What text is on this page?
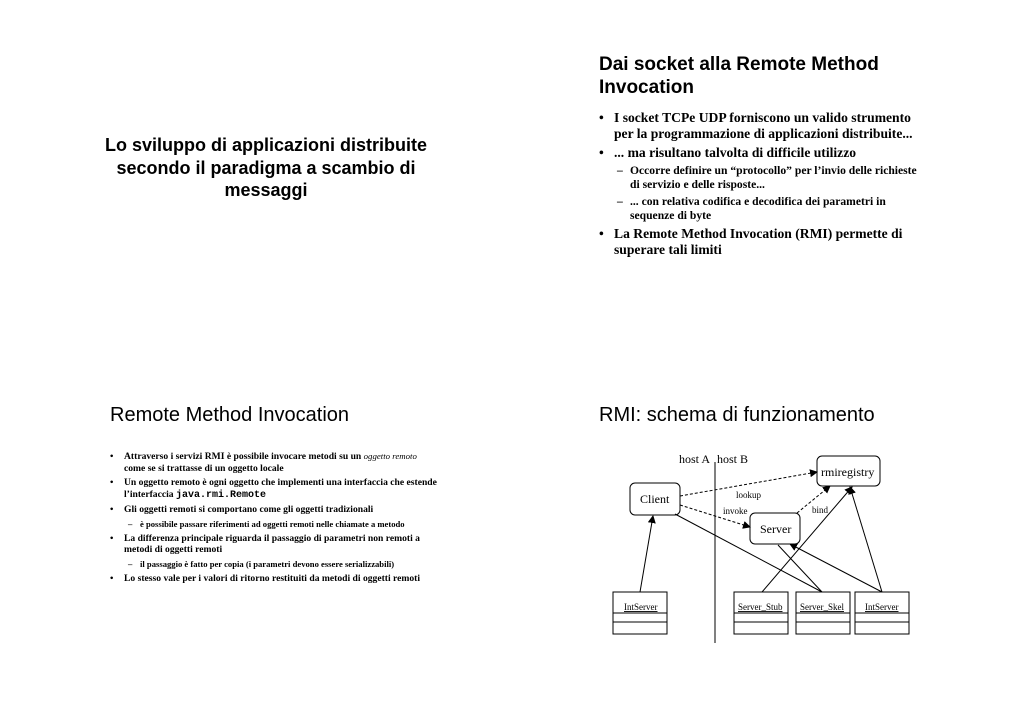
Lo sviluppo di applicazioni distribuite secondo il paradigma a scambio di messaggi
Dai socket alla Remote Method Invocation
• I socket TCPe UDP forniscono un valido strumento per la programmazione di applicazioni distribuite...
• ... ma risultano talvolta di difficile utilizzo
– Occorre definire un “protocollo” per l’invio delle richieste di servizio e delle risposte...
– ... con relativa codifica e decodifica dei parametri in sequenze di byte
• La Remote Method Invocation (RMI) permette di superare tali limiti
Remote Method Invocation
• Attraverso i servizi RMI è possibile invocare metodi su un oggetto remoto come se si trattasse di un oggetto locale
• Un oggetto remoto è ogni oggetto che implementi una interfaccia che estende l’interfaccia java.rmi.Remote
• Gli oggetti remoti si comportano come gli oggetti tradizionali
– è possibile passare riferimenti ad oggetti remoti nelle chiamate a metodo
• La differenza principale riguarda il passaggio di parametri non remoti a metodi di oggetti remoti
– il passaggio è fatto per copia (i parametri devono essere serializzabili)
• Lo stesso vale per i valori di ritorno restituiti da metodi di oggetti remoti
RMI: schema di funzionamento
host A host B
rmiregistry
Client
Server
lookup
invoke	bind
IntServer	Server_Stub Server_Skel IntServer
